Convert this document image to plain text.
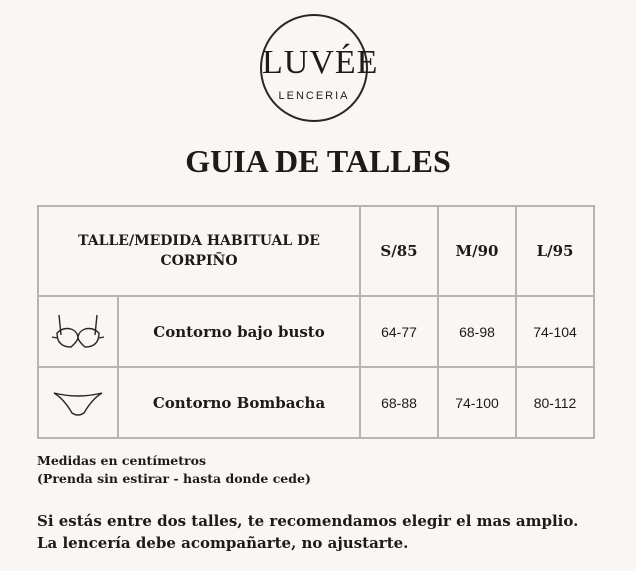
LUVÉE
LENCERIA
GUIA DE TALLES
TALLE/MEDIDA HABITUAL DE CORPIÑO		S/85	M/90	L/95

	Contorno bajo busto	64-77	68-98	74-104

	Contorno Bombacha	68-88	74-100	80-112
Medidas en centímetros
(Prenda sin estirar - hasta donde cede)
Si estás entre dos talles, te recomendamos elegir el mas amplio.
La lencería debe acompañarte, no ajustarte.
